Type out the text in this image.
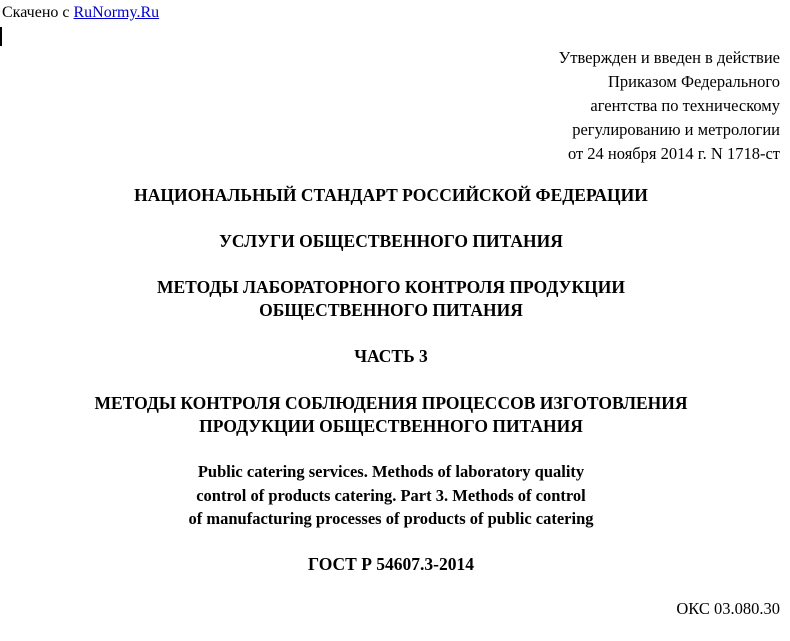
Скачено с RuNormy.Ru
Утвержден и введен в действие
Приказом Федерального
агентства по техническому
регулированию и метрологии
от 24 ноября 2014 г. N 1718-ст
НАЦИОНАЛЬНЫЙ СТАНДАРТ РОССИЙСКОЙ ФЕДЕРАЦИИ
УСЛУГИ ОБЩЕСТВЕННОГО ПИТАНИЯ
МЕТОДЫ ЛАБОРАТОРНОГО КОНТРОЛЯ ПРОДУКЦИИ
ОБЩЕСТВЕННОГО ПИТАНИЯ
ЧАСТЬ 3
МЕТОДЫ КОНТРОЛЯ СОБЛЮДЕНИЯ ПРОЦЕССОВ ИЗГОТОВЛЕНИЯ
ПРОДУКЦИИ ОБЩЕСТВЕННОГО ПИТАНИЯ
Public catering services. Methods of laboratory quality
control of products catering. Part 3. Methods of control
of manufacturing processes of products of public catering
ГОСТ Р 54607.3-2014
ОКС 03.080.30
